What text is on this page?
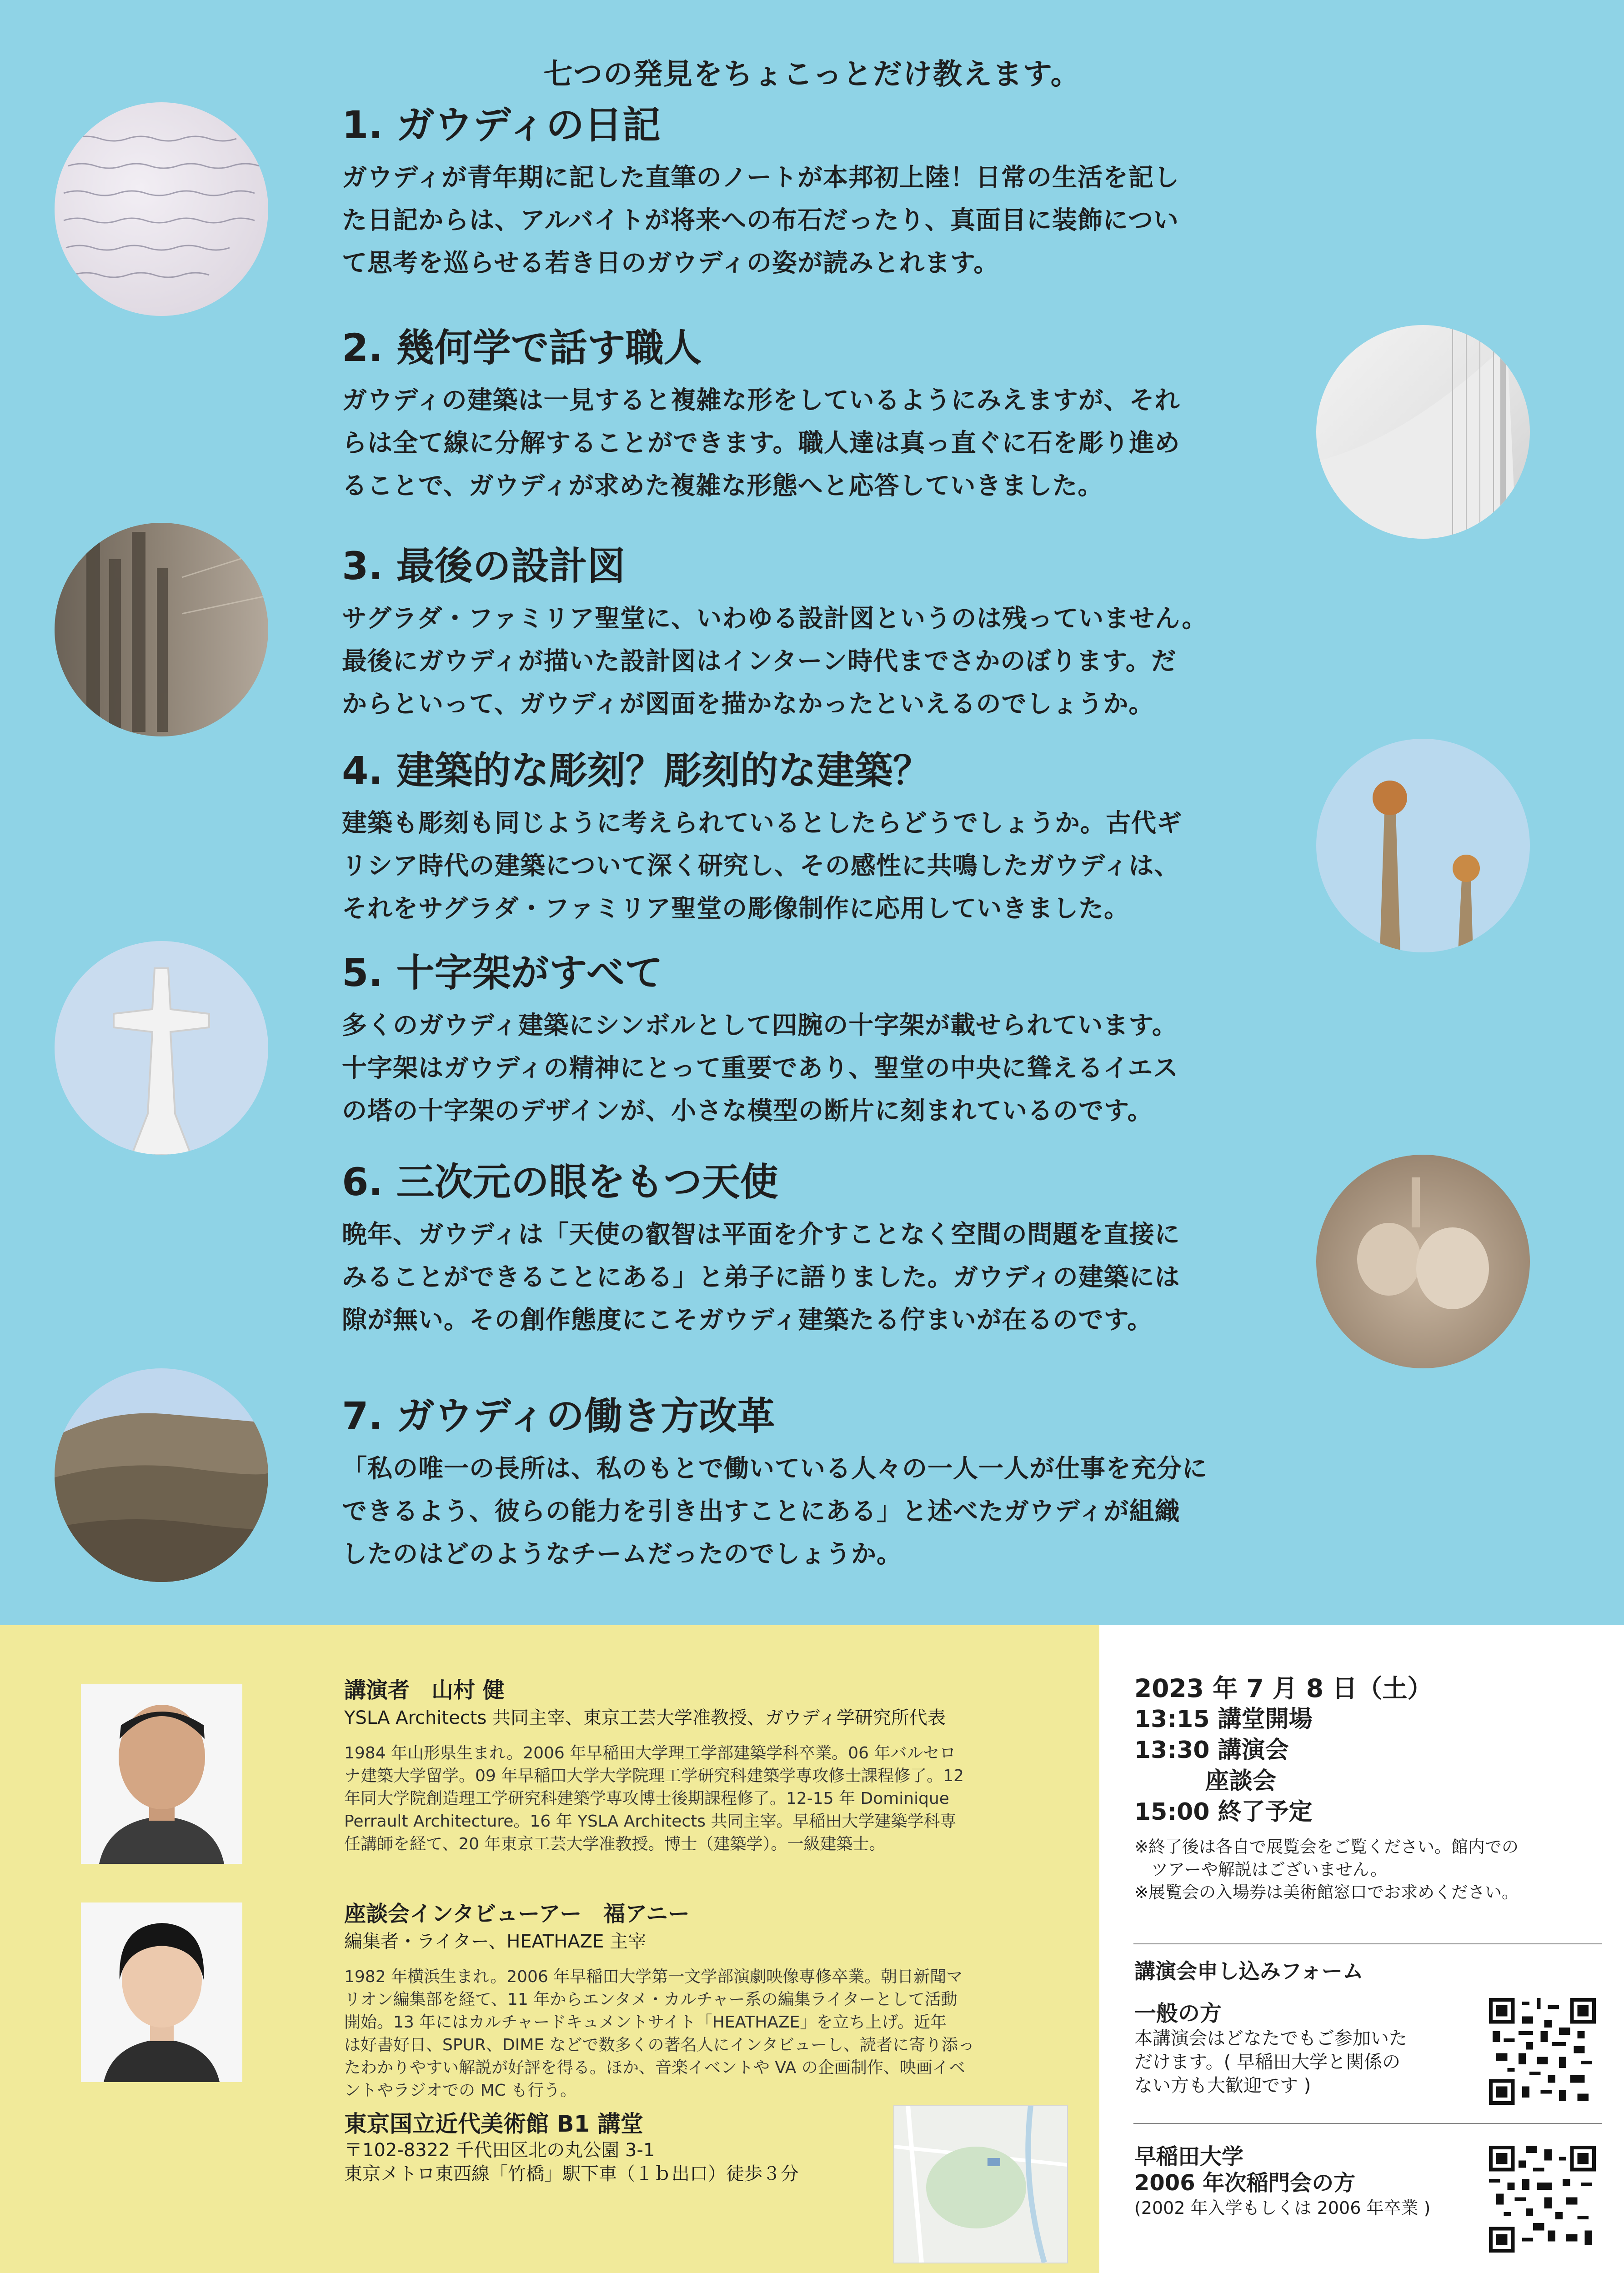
七つの発見をちょこっとだけ教えます。
1. ガウディの日記
ガウディが青年期に記した直筆のノートが本邦初上陸！日常の生活を記し
た日記からは、アルバイトが将来への布石だったり、真面目に装飾につい
て思考を巡らせる若き日のガウディの姿が読みとれます。
2. 幾何学で話す職人
ガウディの建築は一見すると複雑な形をしているようにみえますが、それ
らは全て線に分解することができます。職人達は真っ直ぐに石を彫り進め
ることで、ガウディが求めた複雑な形態へと応答していきました。
3. 最後の設計図
サグラダ・ファミリア聖堂に、いわゆる設計図というのは残っていません。
最後にガウディが描いた設計図はインターン時代までさかのぼります。だ
からといって、ガウディが図面を描かなかったといえるのでしょうか。
4. 建築的な彫刻？彫刻的な建築？
建築も彫刻も同じように考えられているとしたらどうでしょうか。古代ギ
リシア時代の建築について深く研究し、その感性に共鳴したガウディは、
それをサグラダ・ファミリア聖堂の彫像制作に応用していきました。
5. 十字架がすべて
多くのガウディ建築にシンボルとして四腕の十字架が載せられています。
十字架はガウディの精神にとって重要であり、聖堂の中央に聳えるイエス
の塔の十字架のデザインが、小さな模型の断片に刻まれているのです。
6. 三次元の眼をもつ天使
晩年、ガウディは「天使の叡智は平面を介すことなく空間の問題を直接に
みることができることにある」と弟子に語りました。ガウディの建築には
隙が無い。その創作態度にこそガウディ建築たる佇まいが在るのです。
7. ガウディの働き方改革
「私の唯一の長所は、私のもとで働いている人々の一人一人が仕事を充分に
できるよう、彼らの能力を引き出すことにある」と述べたガウディが組織
したのはどのようなチームだったのでしょうか。
講演者　山村 健
YSLA Architects 共同主宰、東京工芸大学准教授、ガウディ学研究所代表
1984 年山形県生まれ。2006 年早稲田大学理工学部建築学科卒業。06 年バルセロ
ナ建築大学留学。09 年早稲田大学大学院理工学研究科建築学専攻修士課程修了。12
年同大学院創造理工学研究科建築学専攻博士後期課程修了。12-15 年 Dominique
Perrault Architecture。16 年 YSLA Architects 共同主宰。早稲田大学建築学科専
任講師を経て、20 年東京工芸大学准教授。博士（建築学）。一級建築士。
座談会インタビューアー　福アニー
編集者・ライター、HEATHAZE 主宰
1982 年横浜生まれ。2006 年早稲田大学第一文学部演劇映像専修卒業。朝日新聞マ
リオン編集部を経て、11 年からエンタメ・カルチャー系の編集ライターとして活動
開始。13 年にはカルチャードキュメントサイト「HEATHAZE」を立ち上げ。近年
は好書好日、SPUR、DIME などで数多くの著名人にインタビューし、読者に寄り添っ
たわかりやすい解説が好評を得る。ほか、音楽イベントや VA の企画制作、映画イベ
ントやラジオでの MC も行う。
東京国立近代美術館 B1 講堂
〒102-8322 千代田区北の丸公園 3-1
東京メトロ東西線「竹橋」駅下車（１ｂ出口）徒歩３分
2023 年 7 月 8 日（土）
13:15 講堂開場
13:30 講演会
　　　座談会
15:00 終了予定
※終了後は各自で展覧会をご覧ください。館内での
　ツアーや解説はございません。
※展覧会の入場券は美術館窓口でお求めください。
講演会申し込みフォーム
一般の方
本講演会はどなたでもご参加いた
だけます。( 早稲田大学と関係の
ない方も大歓迎です )
早稲田大学
2006 年次稲門会の方
(2002 年入学もしくは 2006 年卒業 )
